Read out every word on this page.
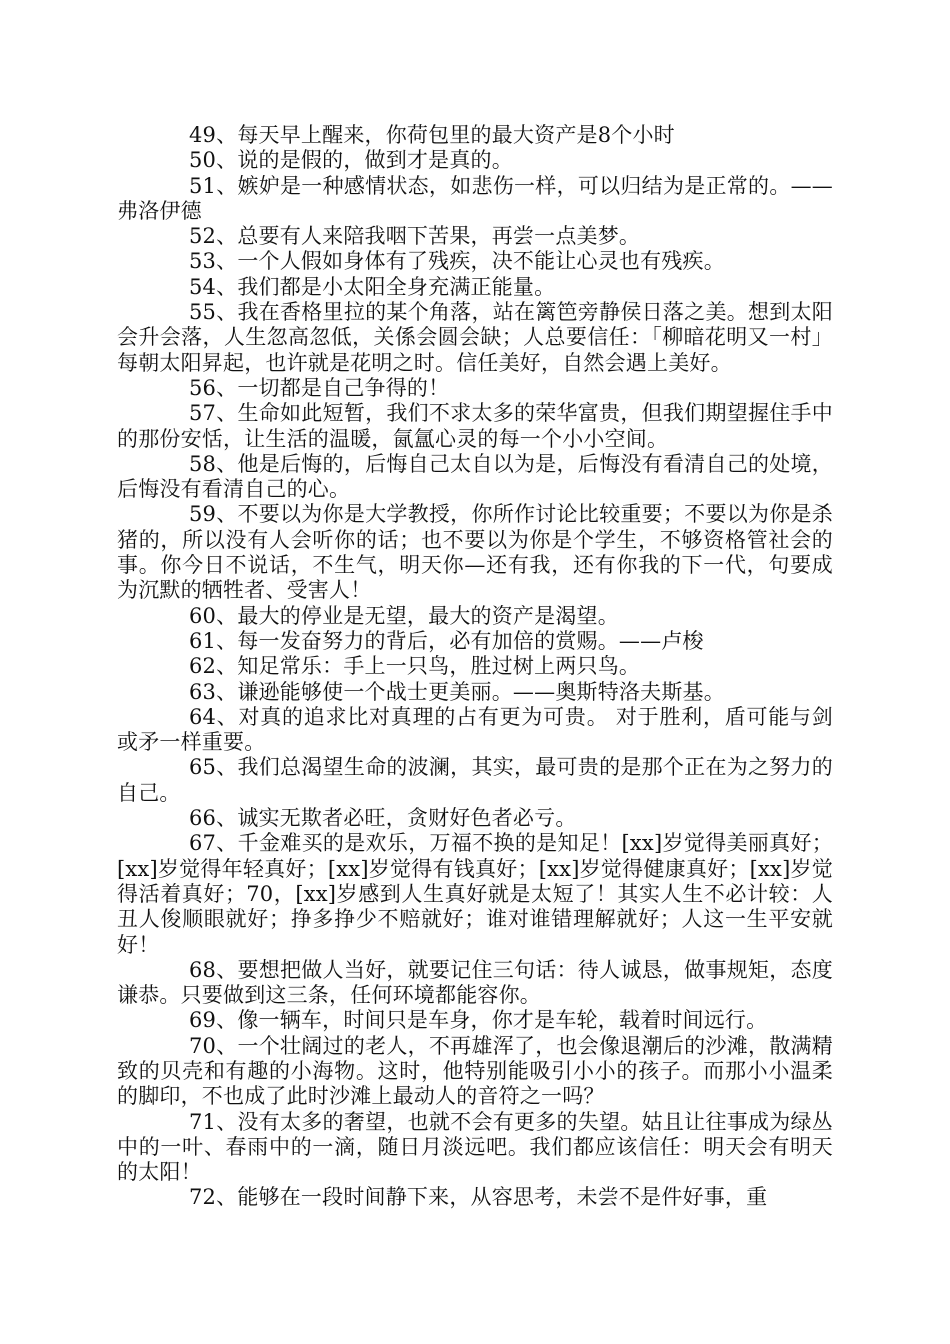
49、每天早上醒来，你荷包里的最大资产是8个小时

50、说的是假的，做到才是真的。

51、嫉妒是一种感情状态，如悲伤一样，可以归结为是正常的。——弗洛伊德

52、总要有人来陪我咽下苦果，再尝一点美梦。

53、一个人假如身体有了残疾，决不能让心灵也有残疾。

54、我们都是小太阳全身充满正能量。

55、我在香格里拉的某个角落，站在篱笆旁静侯日落之美。想到太阳会升会落，人生忽高忽低，关係会圆会缺；人总要信任：「柳暗花明又一村」每朝太阳昇起，也许就是花明之时。信任美好，自然会遇上美好。

56、一切都是自己争得的！

57、生命如此短暂，我们不求太多的荣华富贵，但我们期望握住手中的那份安恬，让生活的温暖，氤氲心灵的每一个小小空间。

58、他是后悔的，后悔自己太自以为是，后悔没有看清自己的处境，后悔没有看清自己的心。

59、不要以为你是大学教授，你所作讨论比较重要；不要以为你是杀猪的，所以没有人会听你的话；也不要以为你是个学生，不够资格管社会的事。你今日不说话，不生气，明天你—还有我，还有你我的下一代，句要成为沉默的牺牲者、受害人！

60、最大的停业是无望，最大的资产是渴望。

61、每一发奋努力的背后，必有加倍的赏赐。——卢梭

62、知足常乐：手上一只鸟，胜过树上两只鸟。

63、谦逊能够使一个战士更美丽。——奥斯特洛夫斯基。

64、对真的追求比对真理的占有更为可贵。 对于胜利，盾可能与剑或矛一样重要。

65、我们总渴望生命的波澜，其实，最可贵的是那个正在为之努力的自己。

66、诚实无欺者必旺，贪财好色者必亏。

67、千金难买的是欢乐，万福不换的是知足！[xx]岁觉得美丽真好；[xx]岁觉得年轻真好；[xx]岁觉得有钱真好；[xx]岁觉得健康真好；[xx]岁觉得活着真好；70，[xx]岁感到人生真好就是太短了！其实人生不必计较：人丑人俊顺眼就好；挣多挣少不赔就好；谁对谁错理解就好；人这一生平安就好！

68、要想把做人当好，就要记住三句话：待人诚恳，做事规矩，态度谦恭。只要做到这三条，任何环境都能容你。

69、像一辆车，时间只是车身，你才是车轮，载着时间远行。

70、一个壮阔过的老人，不再雄浑了，也会像退潮后的沙滩，散满精致的贝壳和有趣的小海物。这时，他特别能吸引小小的孩子。而那小小温柔的脚印，不也成了此时沙滩上最动人的音符之一吗？

71、没有太多的奢望，也就不会有更多的失望。姑且让往事成为绿丛中的一叶、春雨中的一滴，随日月淡远吧。我们都应该信任：明天会有明天的太阳！

72、能够在一段时间静下来，从容思考，未尝不是件好事，重
